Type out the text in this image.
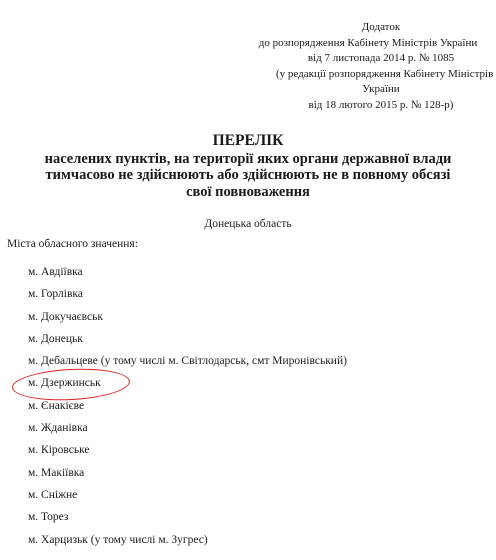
Додаток
до розпорядження Кабінету Міністрів України
від 7 листопада 2014 р. № 1085
(у редакції розпорядження Кабінету Міністрів
України
від 18 лютого 2015 р. № 128-р)
ПЕРЕЛІК
населених пунктів, на території яких органи державної влади
тимчасово не здійснюють або здійснюють не в повному обсязі
свої повноваження
Донецька область
Міста обласного значення:
м. Авдіївка
м. Горлівка
м. Докучаєвськ
м. Донецьк
м. Дебальцеве (у тому числі м. Світлодарськ, смт Миронівський)
м. Дзержинськ
м. Єнакієве
м. Жданівка
м. Кіровське
м. Макіївка
м. Сніжне
м. Торез
м. Харцизьк (у тому числі м. Зугрес)
